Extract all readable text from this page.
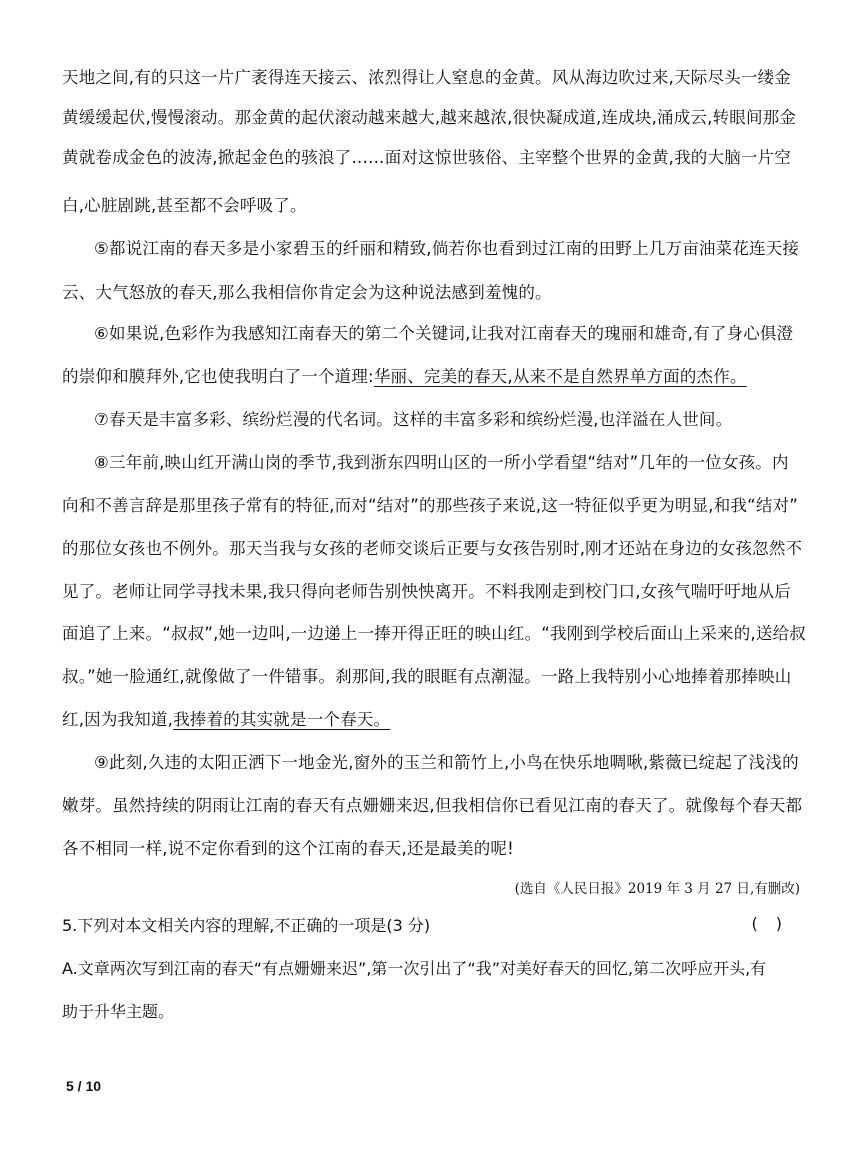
天地之间,有的只这一片广袤得连天接云、浓烈得让人窒息的金黄。风从海边吹过来,天际尽头一缕金
黄缓缓起伏,慢慢滚动。那金黄的起伏滚动越来越大,越来越浓,很快凝成道,连成块,涌成云,转眼间那金
黄就卷成金色的波涛,掀起金色的骇浪了……面对这惊世骇俗、主宰整个世界的金黄,我的大脑一片空
白,心脏剧跳,甚至都不会呼吸了。
⑤都说江南的春天多是小家碧玉的纤丽和精致,倘若你也看到过江南的田野上几万亩油菜花连天接
云、大气怒放的春天,那么我相信你肯定会为这种说法感到羞愧的。
⑥如果说,色彩作为我感知江南春天的第二个关键词,让我对江南春天的瑰丽和雄奇,有了身心俱澄
的崇仰和膜拜外,它也使我明白了一个道理:华丽、完美的春天,从来不是自然界单方面的杰作。
⑦春天是丰富多彩、缤纷烂漫的代名词。这样的丰富多彩和缤纷烂漫,也洋溢在人世间。
⑧三年前,映山红开满山岗的季节,我到浙东四明山区的一所小学看望“结对”几年的一位女孩。内
向和不善言辞是那里孩子常有的特征,而对“结对”的那些孩子来说,这一特征似乎更为明显,和我“结对”
的那位女孩也不例外。那天当我与女孩的老师交谈后正要与女孩告别时,刚才还站在身边的女孩忽然不
见了。老师让同学寻找未果,我只得向老师告别怏怏离开。不料我刚走到校门口,女孩气喘吁吁地从后
面追了上来。“叔叔”,她一边叫,一边递上一捧开得正旺的映山红。“我刚到学校后面山上采来的,送给叔
叔。”她一脸通红,就像做了一件错事。刹那间,我的眼眶有点潮湿。一路上我特别小心地捧着那捧映山
红,因为我知道,我捧着的其实就是一个春天。
⑨此刻,久违的太阳正洒下一地金光,窗外的玉兰和箭竹上,小鸟在快乐地啁啾,紫薇已绽起了浅浅的
嫩芽。虽然持续的阴雨让江南的春天有点姗姗来迟,但我相信你已看见江南的春天了。就像每个春天都
各不相同一样,说不定你看到的这个江南的春天,还是最美的呢!
(选自《人民日报》2019 年 3 月 27 日,有删改)
5.下列对本文相关内容的理解,不正确的一项是(3 分)	()
A.文章两次写到江南的春天“有点姗姗来迟”,第一次引出了“我”对美好春天的回忆,第二次呼应开头,有
助于升华主题。
5 / 10
